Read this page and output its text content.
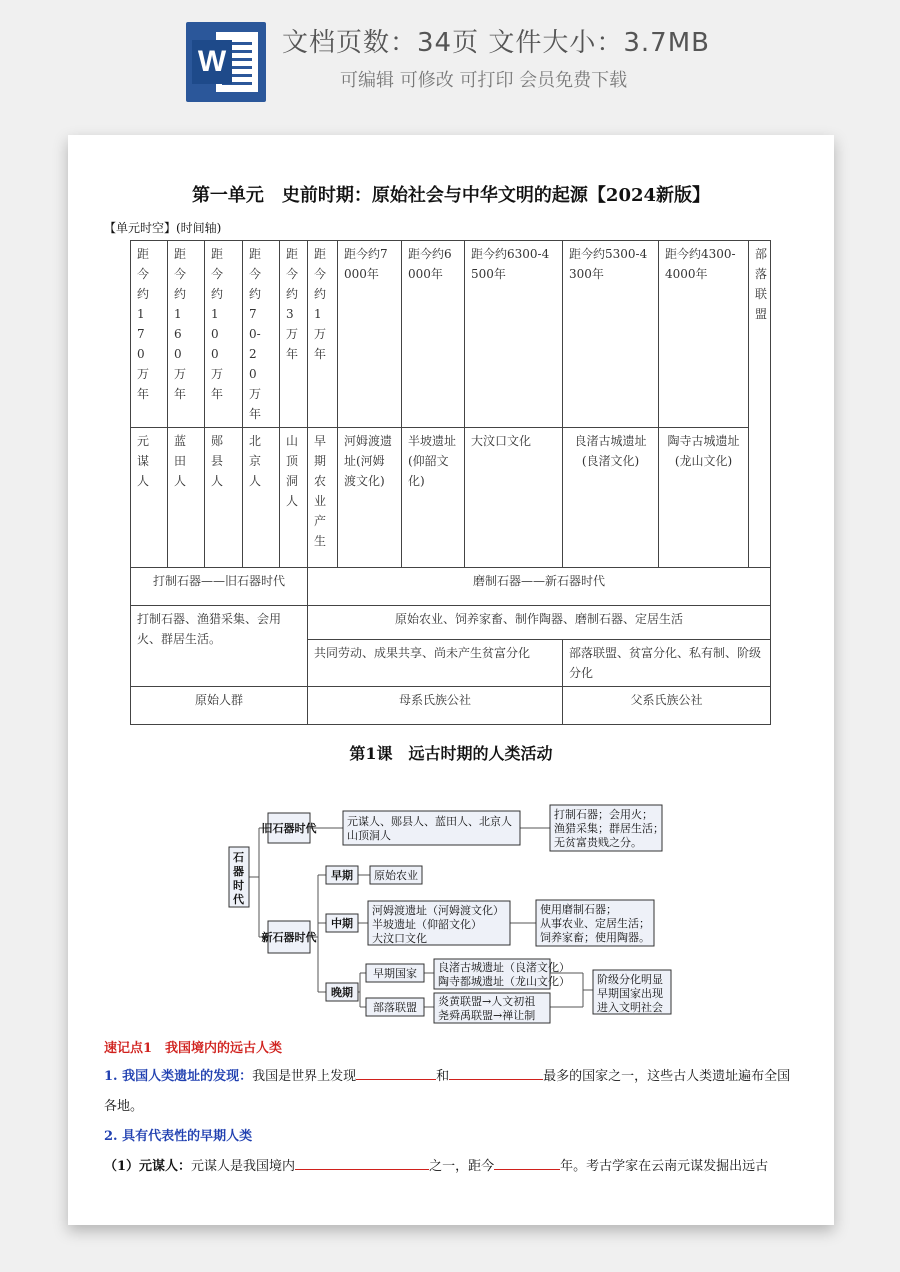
W
文档页数：34页 文件大小：3.7MB
可编辑 可修改 可打印 会员免费下载
第一单元　史前时期：原始社会与中华文明的起源【2024新版】
【单元时空】(时间轴)
距今约170万年	距今约160万年	距今约100万年	距今约70-20万年	距今约3万年	距今约1万年	距今约7000年	距今约6000年	距今约6300-4500年	距今约5300-4300年	距今约4300-4000年	部落联盟

元谋人	蓝田人	郧县人	北京人	山顶洞人	早期农业产生	河姆渡遗址(河姆渡文化)	半坡遗址(仰韶文化)	大汶口文化	良渚古城遗址(良渚文化)	陶寺古城遗址(龙山文化)	
打制石器——旧石器时代					磨制石器——新石器时代						
打制石器、渔猎采集、会用火、群居生活。					原始农业、饲养家畜、制作陶器、磨制石器、定居生活						
					共同劳动、成果共享、尚未产生贫富分化				部落联盟、贫富分化、私有制、阶级分化		
原始人群					母系氏族公社				父系氏族公社		
第1课　远古时期的人类活动
石器时代
旧石器时代
新石器时代
早期
中期
晚期
元谋人、郧县人、蓝田人、北京人
山顶洞人
打制石器；会用火；
渔猎采集；群居生活；
无贫富贵贱之分。
原始农业
河姆渡遗址（河姆渡文化）
半坡遗址（仰韶文化）
大汶口文化
使用磨制石器；
从事农业、定居生活；
饲养家畜；使用陶器。
早期国家
部落联盟
良渚古城遗址（良渚文化）
陶寺都城遗址（龙山文化）
炎黄联盟→人文初祖
尧舜禹联盟→禅让制
阶级分化明显
早期国家出现
进入文明社会
速记点1　我国境内的远古人类
1. 我国人类遗址的发现：我国是世界上发现	和	最多的国家之一，这些古人类遗址遍布全国各地。
2. 具有代表性的早期人类
（1）元谋人：元谋人是我国境内	之一，距今	年。考古学家在云南元谋发掘出远古
